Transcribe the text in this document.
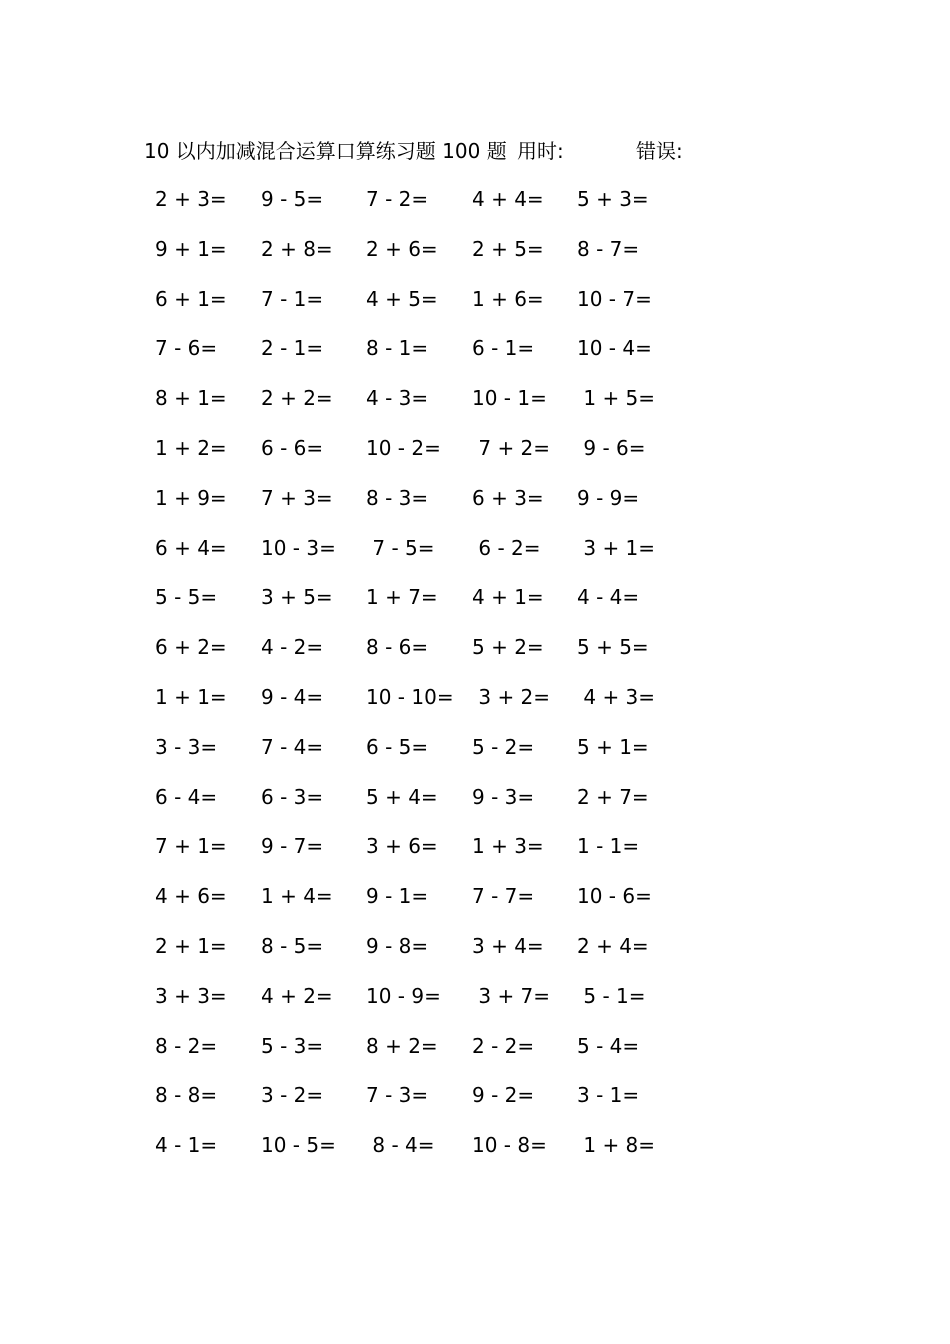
10 以内加减混合运算口算练习题 100 题 用时:	错误:
2 + 3= 9 - 5= 7 - 2= 4 + 4= 5 + 3=
9 + 1= 2 + 8= 2 + 6= 2 + 5= 8 - 7=
6 + 1= 7 - 1= 4 + 5= 1 + 6= 10 - 7=
7 - 6= 2 - 1= 8 - 1= 6 - 1= 10 - 4=
8 + 1= 2 + 2= 4 - 3= 10 - 1= 1 + 5=
1 + 2= 6 - 6= 10 - 2= 7 + 2= 9 - 6=
1 + 9= 7 + 3= 8 - 3= 6 + 3= 9 - 9=
6 + 4= 10 - 3= 7 - 5= 6 - 2= 3 + 1=
5 - 5= 3 + 5= 1 + 7= 4 + 1= 4 - 4=
6 + 2= 4 - 2= 8 - 6= 5 + 2= 5 + 5=
1 + 1= 9 - 4= 10 - 10= 3 + 2= 4 + 3=
3 - 3= 7 - 4= 6 - 5= 5 - 2= 5 + 1=
6 - 4= 6 - 3= 5 + 4= 9 - 3= 2 + 7=
7 + 1= 9 - 7= 3 + 6= 1 + 3= 1 - 1=
4 + 6= 1 + 4= 9 - 1= 7 - 7= 10 - 6=
2 + 1= 8 - 5= 9 - 8= 3 + 4= 2 + 4=
3 + 3= 4 + 2= 10 - 9= 3 + 7= 5 - 1=
8 - 2= 5 - 3= 8 + 2= 2 - 2= 5 - 4=
8 - 8= 3 - 2= 7 - 3= 9 - 2= 3 - 1=
4 - 1= 10 - 5= 8 - 4= 10 - 8= 1 + 8=
